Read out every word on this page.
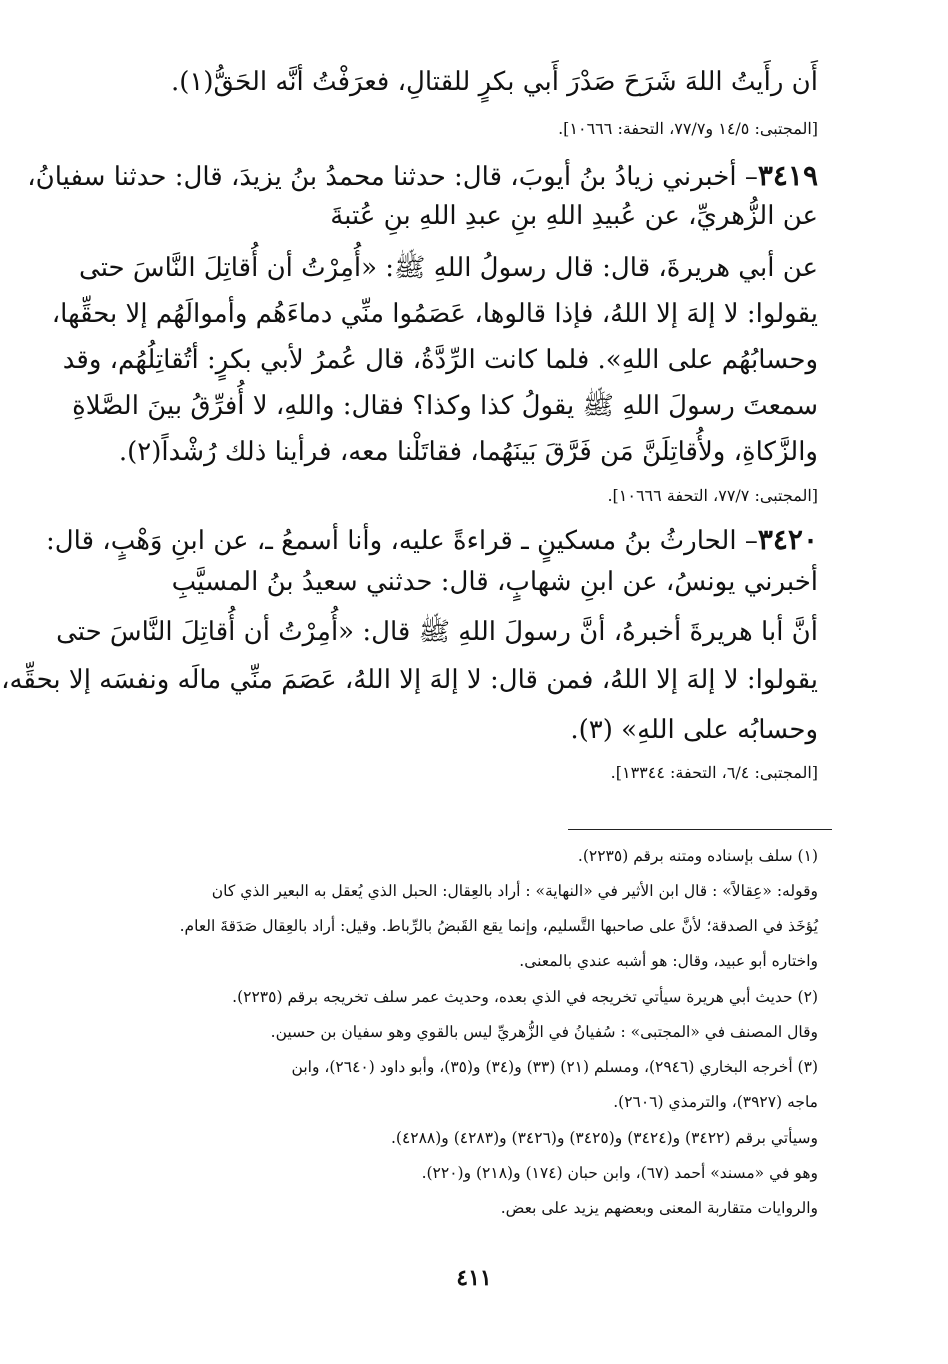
أَن رأَيتُ اللهَ شَرَحَ صَدْرَ أَبي بكرٍ للقتالِ، فعرَفْتُ أنَّه الحَقُّ(١).
[المجتبى: ١٤/٥ و٧٧/٧، التحفة: ١٠٦٦٦].
٣٤١٩– أخبرني زيادُ بنُ أيوبَ، قال: حدثنا محمدُ بنُ يزيدَ، قال: حدثنا سفيانُ،
عن الزُّهريِّ، عن عُبيدِ اللهِ بنِ عبدِ اللهِ بنِ عُتبةَ
عن أبي هريرةَ، قال: قال رسولُ اللهِ ﷺ: «أُمِرْتُ أن أُقاتِلَ النَّاسَ حتى
يقولوا: لا إلهَ إلا اللهُ، فإذا قالوها، عَصَمُوا منِّي دماءَهُم وأموالَهُم إلا بحقِّها،
وحسابُهُم على اللهِ». فلما كانت الرِّدَّةُ، قال عُمرُ لأبي بكرٍ: أتُقاتِلُهُم، وقد
سمعتَ رسولَ اللهِ ﷺ يقولُ كذا وكذا؟ فقال: واللهِ، لا أُفرِّقُ بينَ الصَّلاةِ
والزَّكاةِ، ولأُقاتِلَنَّ مَن فَرَّقَ بَينَهُما، فقاتَلْنا معه، فرأينا ذلك رُشْداً(٢).
[المجتبى: ٧٧/٧، التحفة ١٠٦٦٦].
٣٤٢٠– الحارثُ بنُ مسكينٍ ـ قراءةً عليه، وأنا أسمعُ ـ، عن ابنِ وَهْبٍ، قال:
أخبرني يونسُ، عن ابنِ شهابٍ، قال: حدثني سعيدُ بنُ المسيَّبِ
أنَّ أبا هريرةَ أخبرهُ، أنَّ رسولَ اللهِ ﷺ قال: «أُمِرْتُ أن أُقاتِلَ النَّاسَ حتى
يقولوا: لا إلهَ إلا اللهُ، فمن قال: لا إلهَ إلا اللهُ، عَصَمَ منِّي مالَه ونفسَه إلا بحقِّه،
وحسابُه على اللهِ» (٣).
[المجتبى: ٦/٤، التحفة: ١٣٣٤٤].
(١) سلف بإسناده ومتنه برقم (٢٢٣٥).
وقوله: «عِقالاً» : قال ابن الأثير في «النهاية» : أراد بالعِقال: الحبل الذي يُعقل به البعير الذي كان
يُؤخَذ في الصدقة؛ لأنَّ على صاحبها التَّسليم، وإنما يقع القَبضُ بالرِّباط. وقيل: أراد بالعِقال صَدَقةَ العام.
واختاره أبو عبيد، وقال: هو أشبه عندي بالمعنى.
(٢) حديث أبي هريرة سيأتي تخريجه في الذي بعده، وحديث عمر سلف تخريجه برقم (٢٢٣٥).
وقال المصنف في «المجتبى» : سُفيانُ في الزُّهريِّ ليس بالقوي وهو سفيان بن حسين.
(٣) أخرجه البخاري (٢٩٤٦)، ومسلم (٢١) (٣٣) و(٣٤) و(٣٥)، وأبو داود (٢٦٤٠)، وابن
ماجه (٣٩٢٧)، والترمذي (٢٦٠٦).
وسيأتي برقم (٣٤٢٢) و(٣٤٢٤) و(٣٤٢٥) و(٣٤٢٦) و(٤٢٨٣) و(٤٢٨٨).
وهو في «مسند» أحمد (٦٧)، وابن حبان (١٧٤) و(٢١٨) و(٢٢٠).
والروايات متقاربة المعنى وبعضهم يزيد على بعض.
٤١١
